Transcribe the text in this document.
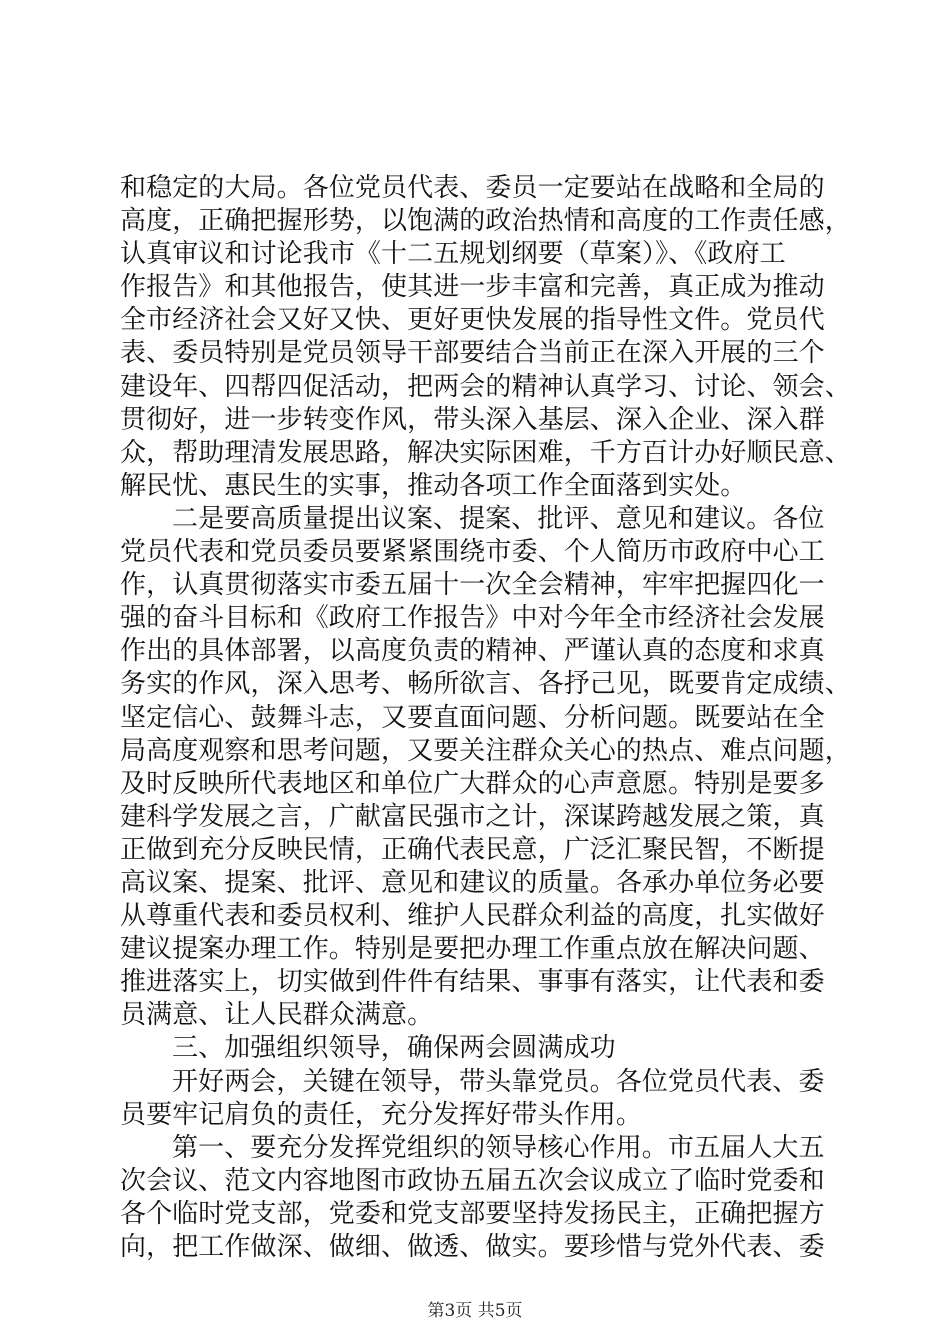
和稳定的大局。各位党员代表、委员一定要站在战略和全局的
高度，正确把握形势，以饱满的政治热情和高度的工作责任感，
认真审议和讨论我市《十二五规划纲要（草案）》、《政府工
作报告》和其他报告，使其进一步丰富和完善，真正成为推动
全市经济社会又好又快、更好更快发展的指导性文件。党员代
表、委员特别是党员领导干部要结合当前正在深入开展的三个
建设年、四帮四促活动，把两会的精神认真学习、讨论、领会、
贯彻好，进一步转变作风，带头深入基层、深入企业、深入群
众，帮助理清发展思路，解决实际困难，千方百计办好顺民意、
解民忧、惠民生的实事，推动各项工作全面落到实处。
二是要高质量提出议案、提案、批评、意见和建议。各位
党员代表和党员委员要紧紧围绕市委、个人简历市政府中心工
作，认真贯彻落实市委五届十一次全会精神，牢牢把握四化一
强的奋斗目标和《政府工作报告》中对今年全市经济社会发展
作出的具体部署，以高度负责的精神、严谨认真的态度和求真
务实的作风，深入思考、畅所欲言、各抒己见，既要肯定成绩、
坚定信心、鼓舞斗志，又要直面问题、分析问题。既要站在全
局高度观察和思考问题，又要关注群众关心的热点、难点问题，
及时反映所代表地区和单位广大群众的心声意愿。特别是要多
建科学发展之言，广献富民强市之计，深谋跨越发展之策，真
正做到充分反映民情，正确代表民意，广泛汇聚民智，不断提
高议案、提案、批评、意见和建议的质量。各承办单位务必要
从尊重代表和委员权利、维护人民群众利益的高度，扎实做好
建议提案办理工作。特别是要把办理工作重点放在解决问题、
推进落实上，切实做到件件有结果、事事有落实，让代表和委
员满意、让人民群众满意。
三、加强组织领导，确保两会圆满成功
开好两会，关键在领导，带头靠党员。各位党员代表、委
员要牢记肩负的责任，充分发挥好带头作用。
第一、要充分发挥党组织的领导核心作用。市五届人大五
次会议、范文内容地图市政协五届五次会议成立了临时党委和
各个临时党支部，党委和党支部要坚持发扬民主，正确把握方
向，把工作做深、做细、做透、做实。要珍惜与党外代表、委
第3页 共5页
